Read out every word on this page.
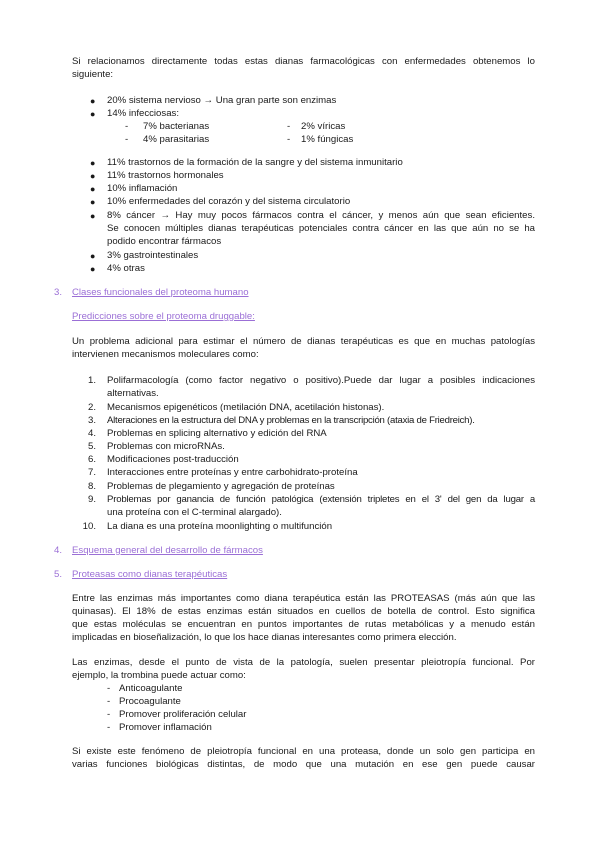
Si relacionamos directamente todas estas dianas farmacológicas con enfermedades obtenemos lo
siguiente:
● 20% sistema nervioso → Una gran parte son enzimas
● 14% infecciosas:
- 7% bacterianas	- 2% víricas
- 4% parasitarias	- 1% fúngicas
● 11% trastornos de la formación de la sangre y del sistema inmunitario
● 11% trastornos hormonales
● 10% inflamación
● 10% enfermedades del corazón y del sistema circulatorio
● 8% cáncer → Hay muy pocos fármacos contra el cáncer, y menos aún que sean eficientes.
Se conocen múltiples dianas terapéuticas potenciales contra cáncer en las que aún no se ha
podido encontrar fármacos
● 3% gastrointestinales
● 4% otras
3. Clases funcionales del proteoma humano
Predicciones sobre el proteoma druggable:
Un problema adicional para estimar el número de dianas terapéuticas es que en muchas patologías
intervienen mecanismos moleculares como:
1. Polifarmacología (como factor negativo o positivo).Puede dar lugar a posibles indicaciones
alternativas.
2. Mecanismos epigenéticos (metilación DNA, acetilación histonas).
3. Alteraciones en la estructura del DNA y problemas en la transcripción (ataxia de Friedreich).
4. Problemas en splicing alternativo y edición del RNA
5. Problemas con microRNAs.
6. Modificaciones post-traducción
7. Interacciones entre proteínas y entre carbohidrato-proteína
8. Problemas de plegamiento y agregación de proteínas
9. Problemas por ganancia de función patológica (extensión tripletes en el 3' del gen da lugar a
una proteína con el C-terminal alargado).
10. La diana es una proteína moonlighting o multifunción
4. Esquema general del desarrollo de fármacos
5. Proteasas como dianas terapéuticas
Entre las enzimas más importantes como diana terapéutica están las PROTEASAS (más aún que las
quinasas). El 18% de estas enzimas están situados en cuellos de botella de control. Esto significa
que estas moléculas se encuentran en puntos importantes de rutas metabólicas y a menudo están
implicadas en bioseñalización, lo que los hace dianas interesantes como primera elección.
Las enzimas, desde el punto de vista de la patología, suelen presentar pleiotropía funcional. Por
ejemplo, la trombina puede actuar como:
- Anticoagulante
- Procoagulante
- Promover proliferación celular
- Promover inflamación
Si existe este fenómeno de pleiotropía funcional en una proteasa, donde un solo gen participa en
varias funciones biológicas distintas, de modo que una mutación en ese gen puede causar
